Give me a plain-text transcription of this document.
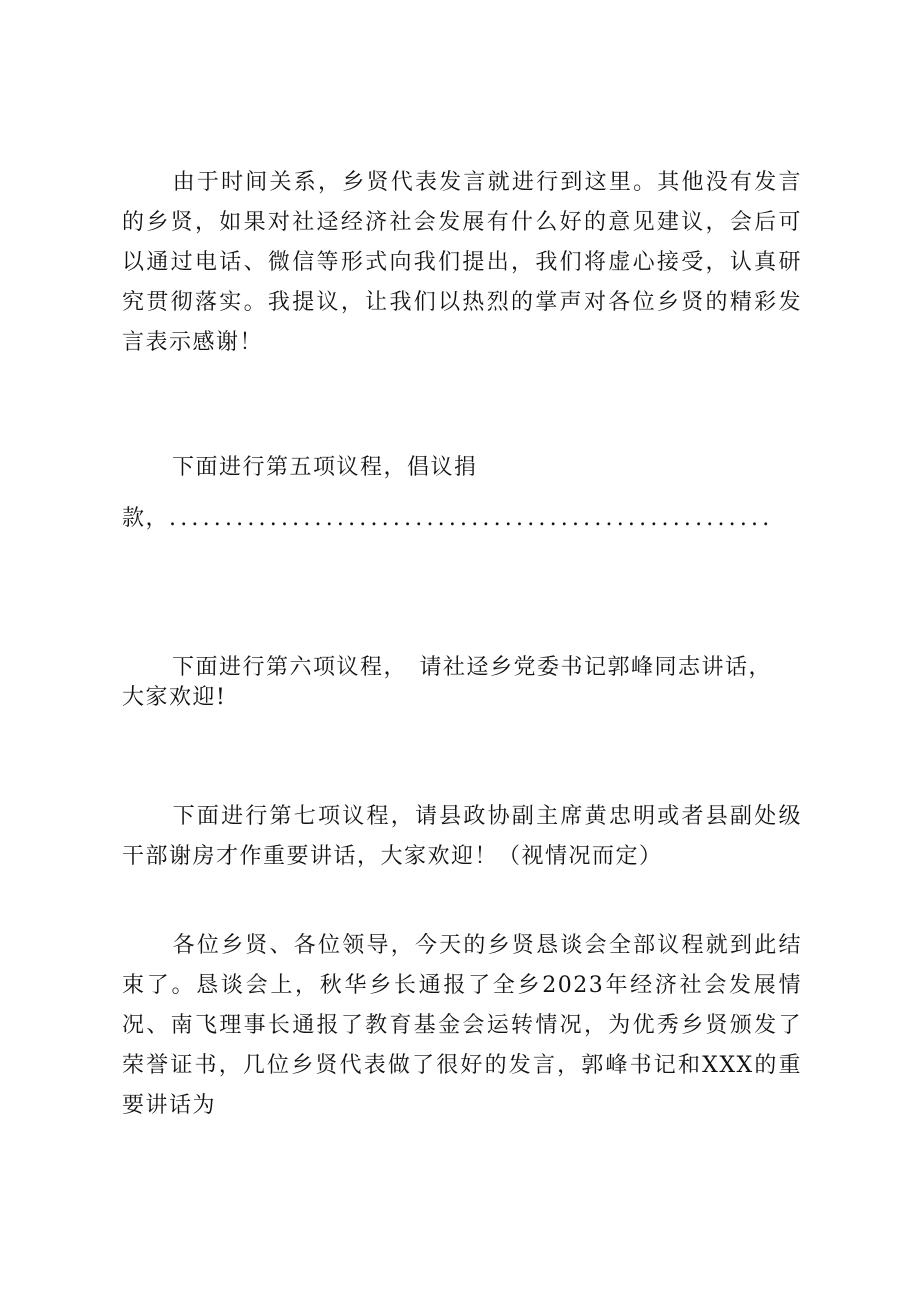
由于时间关系，乡贤代表发言就进行到这里。其他没有发言的乡贤，如果对社迳经济社会发展有什么好的意见建议，会后可以通过电话、微信等形式向我们提出，我们将虚心接受，认真研究贯彻落实。我提议，让我们以热烈的掌声对各位乡贤的精彩发言表示感谢！

下面进行第五项议程，倡议捐

款，......................................................

下面进行第六项议程，　请社迳乡党委书记郭峰同志讲话，

大家欢迎!

下面进行第七项议程，请县政协副主席黄忠明或者县副处级干部谢房才作重要讲话，大家欢迎！（视情况而定）

各位乡贤、各位领导，今天的乡贤恳谈会全部议程就到此结束了。恳谈会上，秋华乡长通报了全乡2023年经济社会发展情况、南飞理事长通报了教育基金会运转情况，为优秀乡贤颁发了荣誉证书，几位乡贤代表做了很好的发言，郭峰书记和XXX的重要讲话为
